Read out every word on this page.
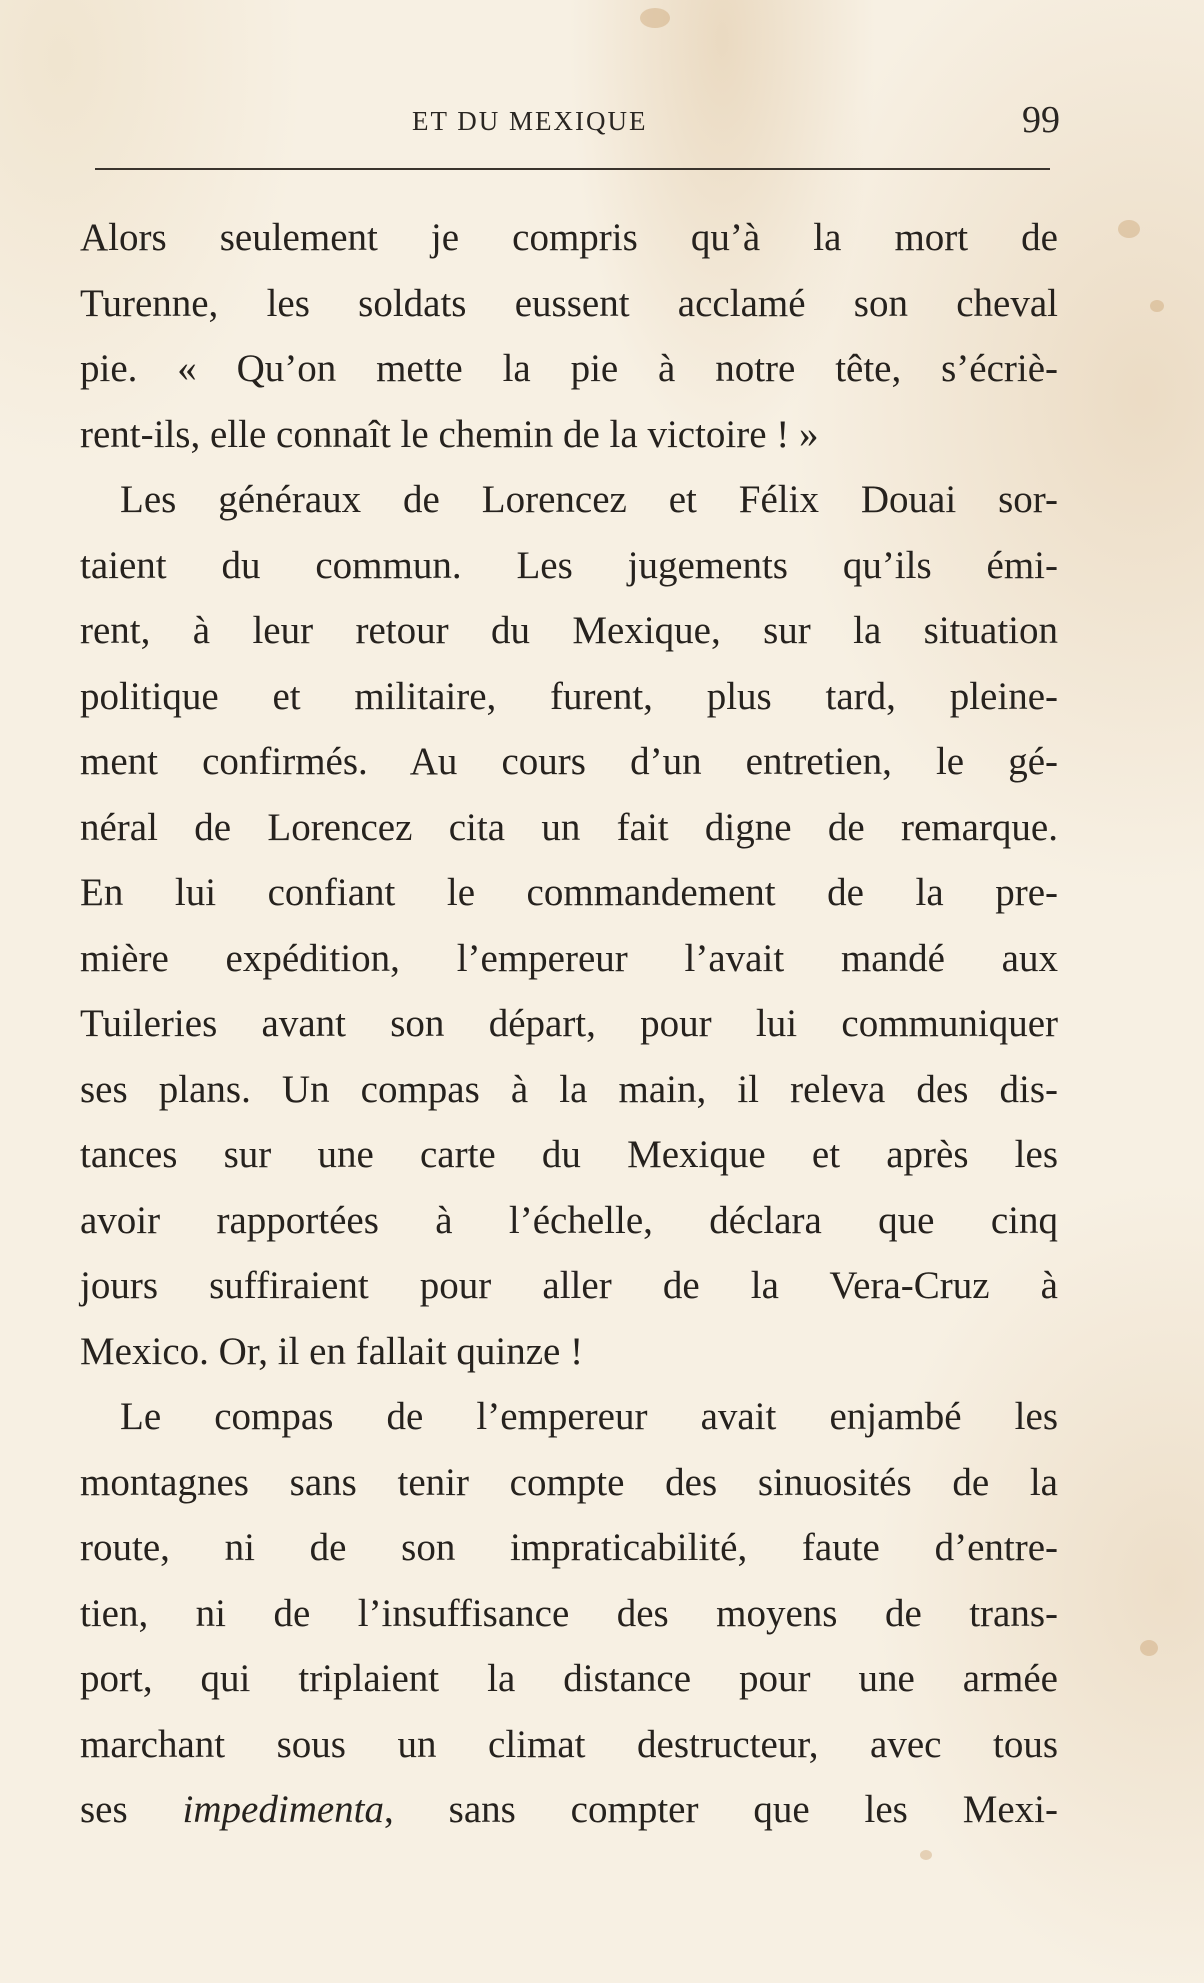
ET DU MEXIQUE	99
Alors seulement je compris qu’à la mort de
Turenne, les soldats eussent acclamé son cheval
pie. « Qu’on mette la pie à notre tête, s’écriè-
rent-ils, elle connaît le chemin de la victoire ! »
Les généraux de Lorencez et Félix Douai sor-
taient du commun. Les jugements qu’ils émi-
rent, à leur retour du Mexique, sur la situation
politique et militaire, furent, plus tard, pleine-
ment confirmés. Au cours d’un entretien, le gé-
néral de Lorencez cita un fait digne de remarque.
En lui confiant le commandement de la pre-
mière expédition, l’empereur l’avait mandé aux
Tuileries avant son départ, pour lui communiquer
ses plans. Un compas à la main, il releva des dis-
tances sur une carte du Mexique et après les
avoir rapportées à l’échelle, déclara que cinq
jours suffiraient pour aller de la Vera-Cruz à
Mexico. Or, il en fallait quinze !
Le compas de l’empereur avait enjambé les
montagnes sans tenir compte des sinuosités de la
route, ni de son impraticabilité, faute d’entre-
tien, ni de l’insuffisance des moyens de trans-
port, qui triplaient la distance pour une armée
marchant sous un climat destructeur, avec tous
ses impedimenta, sans compter que les Mexi-
